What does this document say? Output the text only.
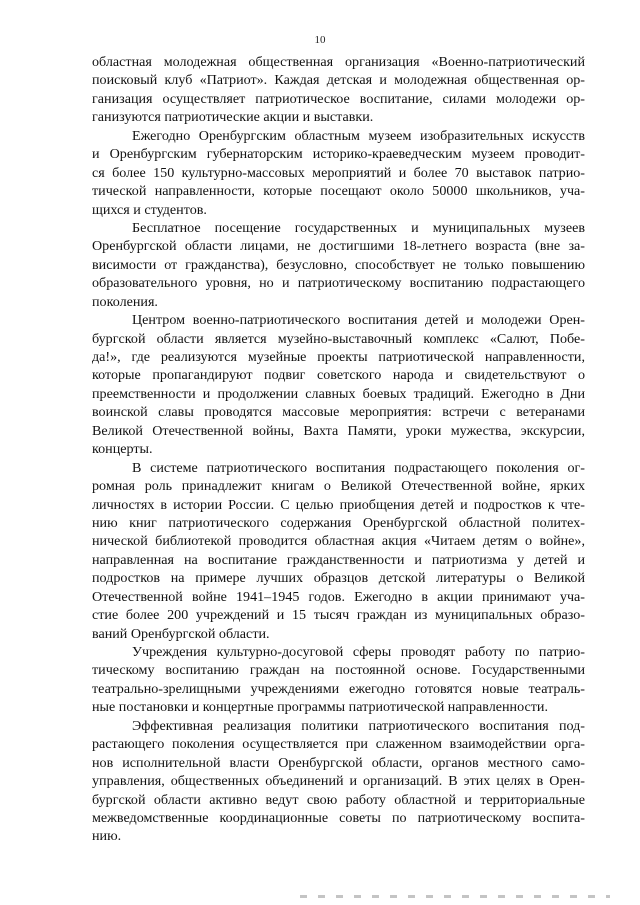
10
областная молодежная общественная организация «Военно-патриотический
поисковый клуб «Патриот». Каждая детская и молодежная общественная ор-
ганизация осуществляет патриотическое воспитание, силами молодежи ор-
ганизуются патриотические акции и выставки.
Ежегодно Оренбургским областным музеем изобразительных искусств
и Оренбургским губернаторским историко-краеведческим музеем проводит-
ся более 150 культурно-массовых мероприятий и более 70 выставок патрио-
тической направленности, которые посещают около 50000 школьников, уча-
щихся и студентов.
Бесплатное посещение государственных и муниципальных музеев
Оренбургской области лицами, не достигшими 18-летнего возраста (вне за-
висимости от гражданства), безусловно, способствует не только повышению
образовательного уровня, но и патриотическому воспитанию подрастающего
поколения.
Центром военно-патриотического воспитания детей и молодежи Орен-
бургской области является музейно-выставочный комплекс «Салют, Побе-
да!», где реализуются музейные проекты патриотической направленности,
которые пропагандируют подвиг советского народа и свидетельствуют о
преемственности и продолжении славных боевых традиций. Ежегодно в Дни
воинской славы проводятся массовые мероприятия: встречи с ветеранами
Великой Отечественной войны, Вахта Памяти, уроки мужества, экскурсии,
концерты.
В системе патриотического воспитания подрастающего поколения ог-
ромная роль принадлежит книгам о Великой Отечественной войне, ярких
личностях в истории России. С целью приобщения детей и подростков к чте-
нию книг патриотического содержания Оренбургской областной политех-
нической библиотекой проводится областная акция «Читаем детям о войне»,
направленная на воспитание гражданственности и патриотизма у детей и
подростков на примере лучших образцов детской литературы о Великой
Отечественной войне 1941–1945 годов. Ежегодно в акции принимают уча-
стие более 200 учреждений и 15 тысяч граждан из муниципальных образо-
ваний Оренбургской области.
Учреждения культурно-досуговой сферы проводят работу по патрио-
тическому воспитанию граждан на постоянной основе. Государственными
театрально-зрелищными учреждениями ежегодно готовятся новые театраль-
ные постановки и концертные программы патриотической направленности.
Эффективная реализация политики патриотического воспитания под-
растающего поколения осуществляется при слаженном взаимодействии орга-
нов исполнительной власти Оренбургской области, органов местного само-
управления, общественных объединений и организаций. В этих целях в Орен-
бургской области активно ведут свою работу областной и территориальные
межведомственные координационные советы по патриотическому воспита-
нию.
